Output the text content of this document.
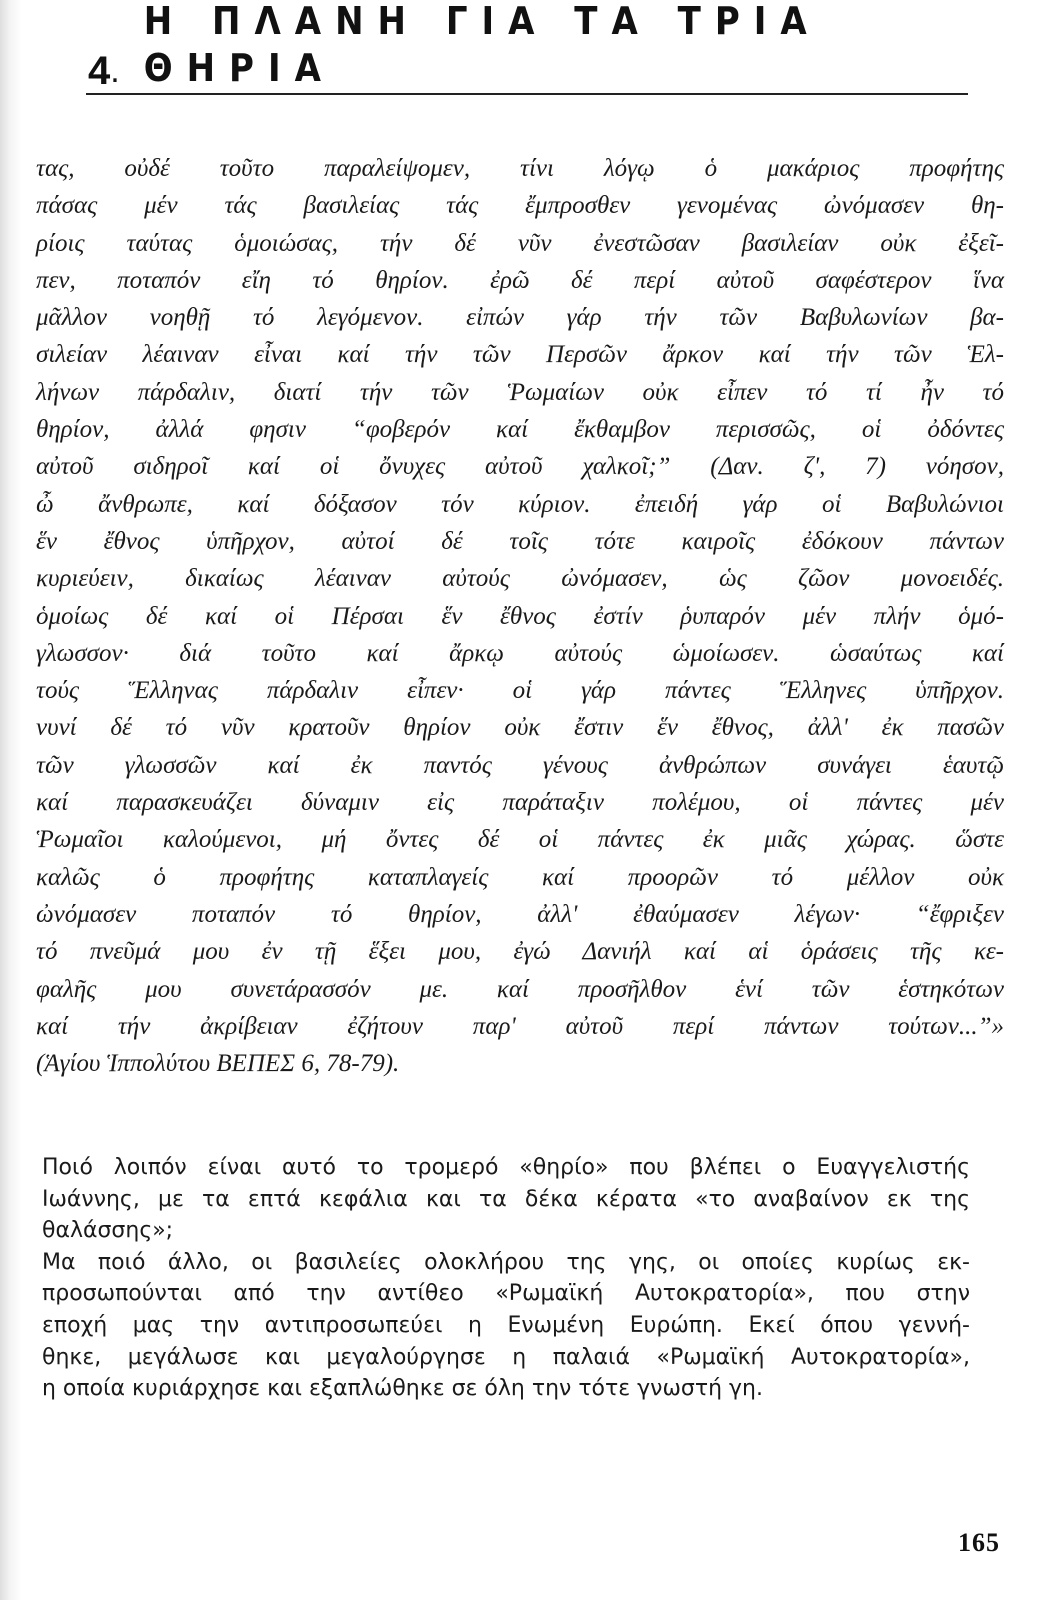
4 .
Η ΠΛΑΝΗ ΓΙΑ ΤΑ ΤΡΙΑ ΘΗΡΙΑ
τας, οὐδέ τοῦτο παραλείψομεν, τίνι λόγῳ ὁ μακάριος προφήτης
πάσας μέν τάς βασιλείας τάς ἔμπροσθεν γενομένας ὠνόμασεν θη-
ρίοις ταύτας ὁμοιώσας, τήν δέ νῦν ἐνεστῶσαν βασιλείαν οὐκ ἐξεῖ-
πεν, ποταπόν εἴη τό θηρίον. ἐρῶ δέ περί αὐτοῦ σαφέστερον ἵνα
μᾶλλον νοηθῇ τό λεγόμενον. εἰπών γάρ τήν τῶν Βαβυλωνίων βα-
σιλείαν λέαιναν εἶναι καί τήν τῶν Περσῶν ἄρκον καί τήν τῶν Ἑλ-
λήνων πάρδαλιν, διατί τήν τῶν Ῥωμαίων οὐκ εἶπεν τό τί ἦν τό
θηρίον, ἀλλά φησιν “φοβερόν καί ἔκθαμβον περισσῶς, οἱ ὀδόντες
αὐτοῦ σιδηροῖ καί οἱ ὄνυχες αὐτοῦ χαλκοῖ;” (Δαν. ζ', 7) νόησον,
ὦ ἄνθρωπε, καί δόξασον τόν κύριον. ἐπειδή γάρ οἱ Βαβυλώνιοι
ἕν ἔθνος ὑπῆρχον, αὐτοί δέ τοῖς τότε καιροῖς ἐδόκουν πάντων
κυριεύειν, δικαίως λέαιναν αὐτούς ὠνόμασεν, ὡς ζῶον μονοειδές.
ὁμοίως δέ καί οἱ Πέρσαι ἕν ἔθνος ἐστίν ῥυπαρόν μέν πλήν ὁμό-
γλωσσον· διά τοῦτο καί ἄρκῳ αὐτούς ὡμοίωσεν. ὡσαύτως καί
τούς Ἕλληνας πάρδαλιν εἶπεν· οἱ γάρ πάντες Ἕλληνες ὑπῆρχον.
νυνί δέ τό νῦν κρατοῦν θηρίον οὐκ ἔστιν ἕν ἔθνος, ἀλλ' ἐκ πασῶν
τῶν γλωσσῶν καί ἐκ παντός γένους ἀνθρώπων συνάγει ἑαυτῷ
καί παρασκευάζει δύναμιν εἰς παράταξιν πολέμου, οἱ πάντες μέν
Ῥωμαῖοι καλούμενοι, μή ὄντες δέ οἱ πάντες ἐκ μιᾶς χώρας. ὥστε
καλῶς ὁ προφήτης καταπλαγείς καί προορῶν τό μέλλον οὐκ
ὠνόμασεν ποταπόν τό θηρίον, ἀλλ' ἐθαύμασεν λέγων· “ἔφριξεν
τό πνεῦμά μου ἐν τῇ ἕξει μου, ἐγώ Δανιήλ καί αἱ ὁράσεις τῆς κε-
φαλῆς μου συνετάρασσόν με. καί προσῆλθον ἑνί τῶν ἑστηκότων
καί τήν ἀκρίβειαν ἐζήτουν παρ' αὐτοῦ περί πάντων τούτων...”»
(Ἁγίου Ἱππολύτου ΒΕΠΕΣ 6, 78-79).
Ποιό λοιπόν είναι αυτό το τρομερό «θηρίο» που βλέπει ο Ευαγγελιστής
Ιωάννης, με τα επτά κεφάλια και τα δέκα κέρατα «το αναβαίνον εκ της
θαλάσσης»;
Μα ποιό άλλο, οι βασιλείες ολοκλήρου της γης, οι οποίες κυρίως εκ-
προσωπούνται από την αντίθεο «Ρωμαϊκή Αυτοκρατορία», που στην
εποχή μας την αντιπροσωπεύει η Ενωμένη Ευρώπη. Εκεί όπου γεννή-
θηκε, μεγάλωσε και μεγαλούργησε η παλαιά «Ρωμαϊκή Αυτοκρατορία»,
η οποία κυριάρχησε και εξαπλώθηκε σε όλη την τότε γνωστή γη.
165
